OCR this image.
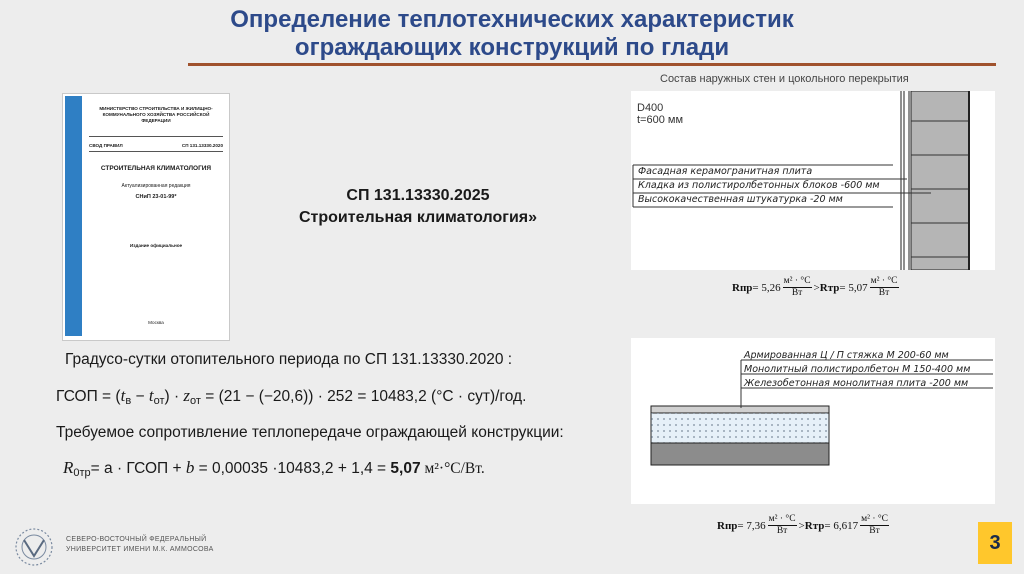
Определение теплотехнических характеристик
ограждающих конструкций по глади
МИНИСТЕРСТВО СТРОИТЕЛЬСТВА И ЖИЛИЩНО-КОММУНАЛЬНОГО ХОЗЯЙСТВА РОССИЙСКОЙ ФЕДЕРАЦИИ
СВОД ПРАВИЛ	СП 131.13330.2020
СТРОИТЕЛЬНАЯ КЛИМАТОЛОГИЯ
Актуализированная редакция
СНиП 23-01-99*
Издание официальное
Москва
СП 131.13330.2025
Строительная климатология»
Градусо-сутки отопительного периода по СП 131.13330.2020 :
ГСОП = $(t_в - t_{от}) \cdot z_{от} = (21 - (-20,6)) \cdot 252 = 10483,2$ (°С · сут)/год.
Требуемое сопротивление теплопередаче ограждающей конструкции:
$R_{0тр}= а$ · ГСОП + b = 0,00035 ·10483,2 + 1,4 = 5,07 м²·°С/Вт.
Состав наружных стен и цокольного перекрытия
D400
t=600 мм
Фасадная керамогранитная плита
Кладка из полистиролбетонных блоков -600 мм
Высококачественная штукатурка -20 мм
Rпр = $5,26 \frac{\text{м² · °С}}{Вт}$ > Rтр = $5,07 \frac{\text{м² · °С}}{Вт}$
Армированная Ц / П стяжка М 200-60 мм
Монолитный полистиролбетон М 150-400 мм
Железобетонная монолитная плита -200 мм
Rпр = $7,36 \frac{\text{м² · °С}}{Вт}$ > Rтр = $6,617 \frac{\text{м² · °С}}{Вт}$
СЕВЕРО-ВОСТОЧНЫЙ ФЕДЕРАЛЬНЫЙ
УНИВЕРСИТЕТ ИМЕНИ М.К. АММОСОВА	3
